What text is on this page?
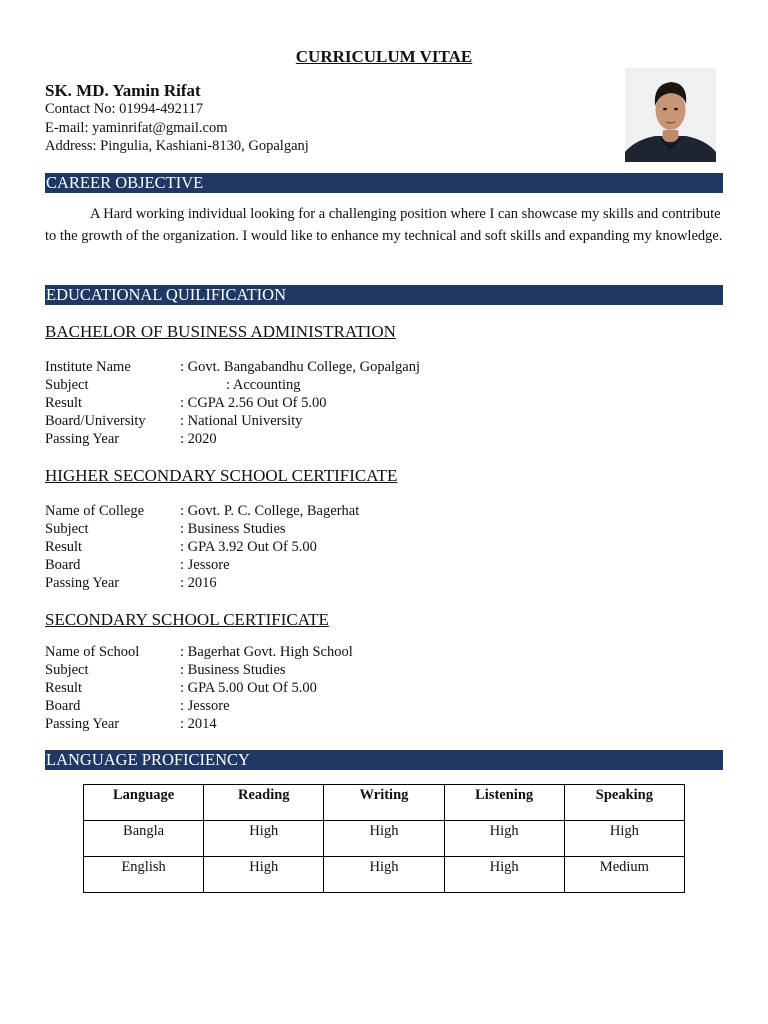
CURRICULUM VITAE
SK. MD. Yamin Rifat
Contact No: 01994-492117
E-mail: yaminrifat@gmail.com
Address: Pingulia, Kashiani-8130, Gopalganj
CAREER OBJECTIVE
A Hard working individual looking for a challenging position where I can showcase my skills and contribute to the growth of the organization. I would like to enhance my technical and soft skills and expanding my knowledge.
EDUCATIONAL QUILIFICATION
BACHELOR OF BUSINESS ADMINISTRATION
Institute Name	: Govt. Bangabandhu College, Gopalganj
Subject	: Accounting
Result	: CGPA 2.56 Out Of 5.00
Board/University : National University
Passing Year	: 2020
HIGHER SECONDARY SCHOOL CERTIFICATE
Name of College : Govt. P. C. College, Bagerhat
Subject	: Business Studies
Result	: GPA 3.92 Out Of 5.00
Board	: Jessore
Passing Year	: 2016
SECONDARY SCHOOL CERTIFICATE
Name of School	: Bagerhat Govt. High School
Subject	: Business Studies
Result	: GPA 5.00 Out Of 5.00
Board	: Jessore
Passing Year	: 2014
LANGUAGE PROFICIENCY
Language	Reading	Writing	Listening	Speaking
Bangla	High	High	High	High
English	High	High	High	Medium
